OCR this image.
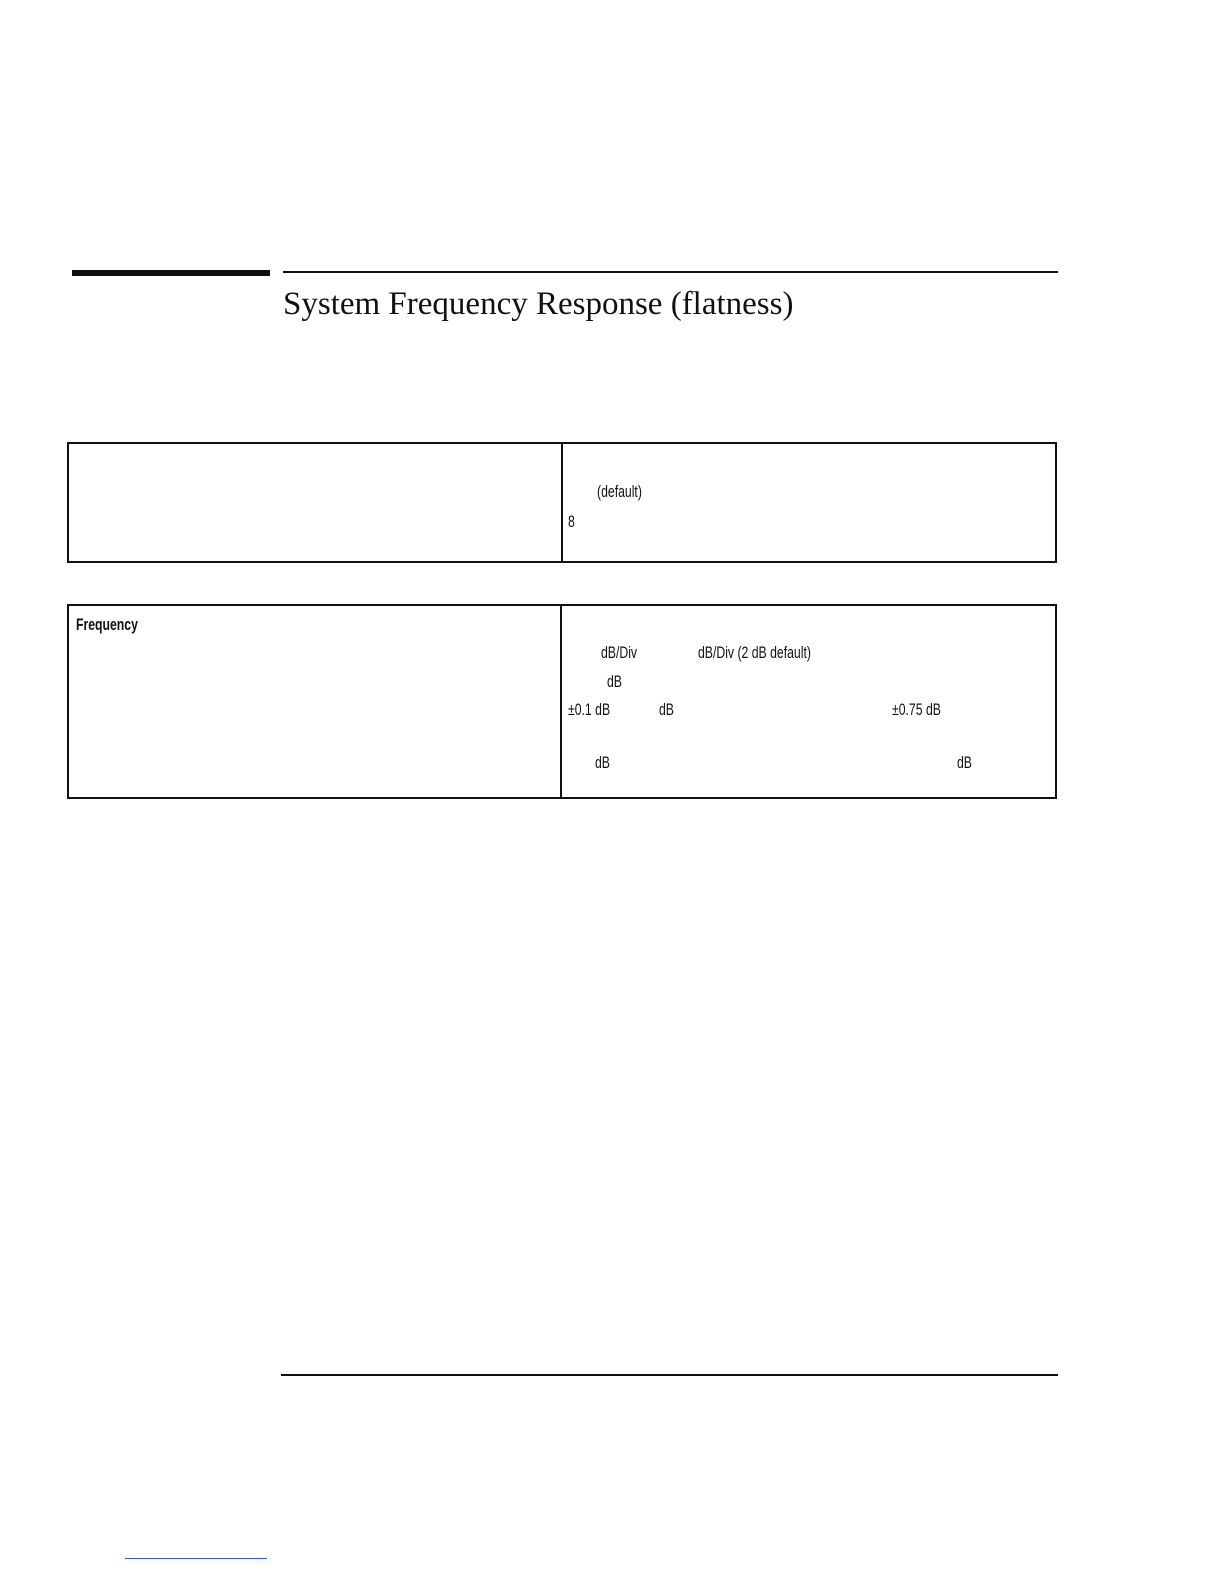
System Frequency Response (flatness)
(default)
8
Frequency
dB/Div	dB/Div (2 dB default)
dB
±0.1 dB	dB	±0.75 dB
dB	dB
